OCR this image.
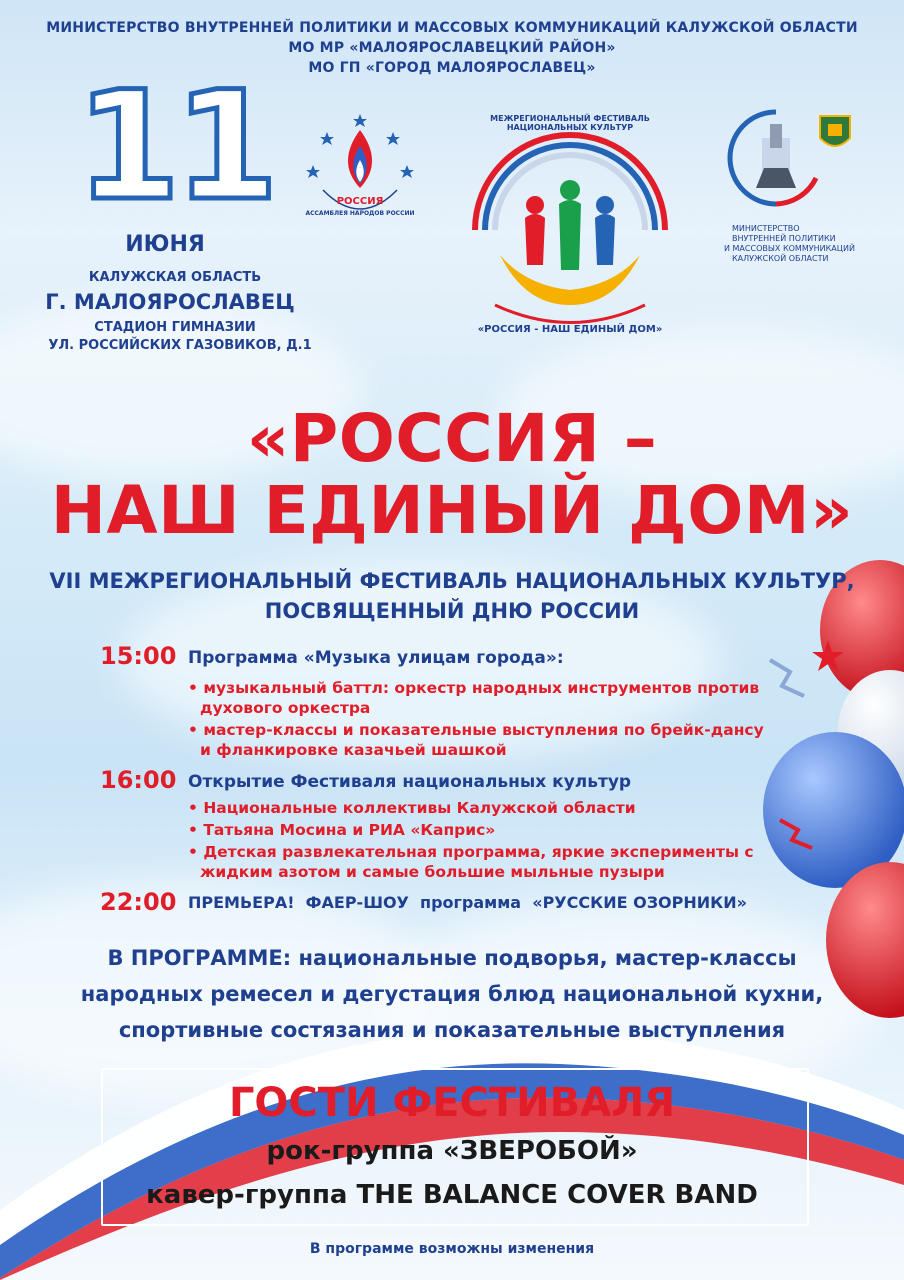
МИНИСТЕРСТВО ВНУТРЕННЕЙ ПОЛИТИКИ И МАССОВЫХ КОММУНИКАЦИЙ КАЛУЖСКОЙ ОБЛАСТИ
МО МР «МАЛОЯРОСЛАВЕЦКИЙ РАЙОН»
МО ГП «ГОРОД МАЛОЯРОСЛАВЕЦ»
11
ИЮНЯ
КАЛУЖСКАЯ ОБЛАСТЬ
Г. МАЛОЯРОСЛАВЕЦ
СТАДИОН ГИМНАЗИИ
УЛ. РОССИЙСКИХ ГАЗОВИКОВ, Д.1
РОССИЯ
АССАМБЛЕЯ НАРОДОВ РОССИИ
МЕЖРЕГИОНАЛЬНЫЙ ФЕСТИВАЛЬ НАЦИОНАЛЬНЫХ КУЛЬТУР
«РОССИЯ - НАШ ЕДИНЫЙ ДОМ»
МИНИСТЕРСТВО
ВНУТРЕННЕЙ ПОЛИТИКИ
И МАССОВЫХ КОММУНИКАЦИЙ
КАЛУЖСКОЙ ОБЛАСТИ
«РОССИЯ –
НАШ ЕДИНЫЙ ДОМ»
VII МЕЖРЕГИОНАЛЬНЫЙ ФЕСТИВАЛЬ НАЦИОНАЛЬНЫХ КУЛЬТУР,
ПОСВЯЩЕННЫЙ ДНЮ РОССИИ
15:00 Программа «Музыка улицам города»:
• музыкальный баттл: оркестр народных инструментов против
духового оркестра
• мастер-классы и показательные выступления по брейк-дансу
и фланкировке казачьей шашкой
16:00 Открытие Фестиваля национальных культур
• Национальные коллективы Калужской области
• Татьяна Мосина и РИА «Каприс»
• Детская развлекательная программа, яркие эксперименты с
жидким азотом и самые большие мыльные пузыри
22:00 ПРЕМЬЕРА!  ФАЕР-ШОУ  программа  «РУССКИЕ ОЗОРНИКИ»
В ПРОГРАММЕ: национальные подворья, мастер-классы
народных ремесел и дегустация блюд национальной кухни,
спортивные состязания и показательные выступления
ГОСТИ ФЕСТИВАЛЯ
рок-группа «ЗВЕРОБОЙ»
кавер-группа THE BALANCE COVER BAND
В программе возможны изменения
